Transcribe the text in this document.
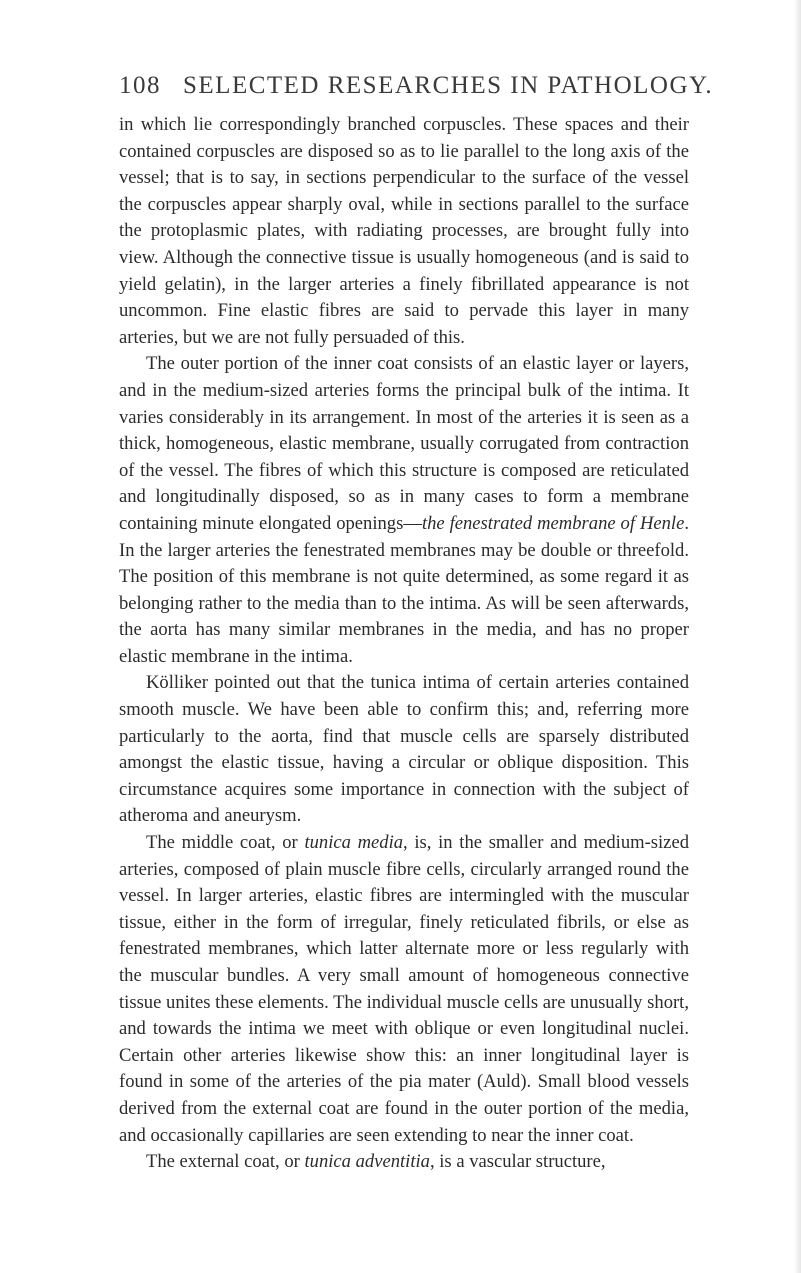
108 SELECTED RESEARCHES IN PATHOLOGY.

in which lie correspondingly branched corpuscles. These spaces and their contained corpuscles are disposed so as to lie parallel to the long axis of the vessel; that is to say, in sections perpendicular to the surface of the vessel the corpuscles appear sharply oval, while in sections parallel to the surface the protoplasmic plates, with radiating processes, are brought fully into view. Although the connective tissue is usually homogeneous (and is said to yield gelatin), in the larger arteries a finely fibrillated appearance is not uncommon. Fine elastic fibres are said to pervade this layer in many arteries, but we are not fully persuaded of this.

The outer portion of the inner coat consists of an elastic layer or layers, and in the medium-sized arteries forms the principal bulk of the intima. It varies considerably in its arrangement. In most of the arteries it is seen as a thick, homogeneous, elastic membrane, usually corrugated from contraction of the vessel. The fibres of which this structure is composed are reticulated and longitudinally disposed, so as in many cases to form a membrane containing minute elongated openings—the fenestrated membrane of Henle. In the larger arteries the fenestrated membranes may be double or threefold. The position of this membrane is not quite determined, as some regard it as belonging rather to the media than to the intima. As will be seen afterwards, the aorta has many similar membranes in the media, and has no proper elastic membrane in the intima.

Kölliker pointed out that the tunica intima of certain arteries contained smooth muscle. We have been able to confirm this; and, referring more particularly to the aorta, find that muscle cells are sparsely distributed amongst the elastic tissue, having a circular or oblique disposition. This circumstance acquires some importance in connection with the subject of atheroma and aneurysm.

The middle coat, or tunica media, is, in the smaller and medium-sized arteries, composed of plain muscle fibre cells, circularly arranged round the vessel. In larger arteries, elastic fibres are intermingled with the muscular tissue, either in the form of irregular, finely reticulated fibrils, or else as fenestrated membranes, which latter alternate more or less regularly with the muscular bundles. A very small amount of homogeneous connective tissue unites these elements. The individual muscle cells are unusually short, and towards the intima we meet with oblique or even longitudinal nuclei. Certain other arteries likewise show this: an inner longitudinal layer is found in some of the arteries of the pia mater (Auld). Small blood vessels derived from the external coat are found in the outer portion of the media, and occasionally capillaries are seen extending to near the inner coat.

The external coat, or tunica adventitia, is a vascular structure,
